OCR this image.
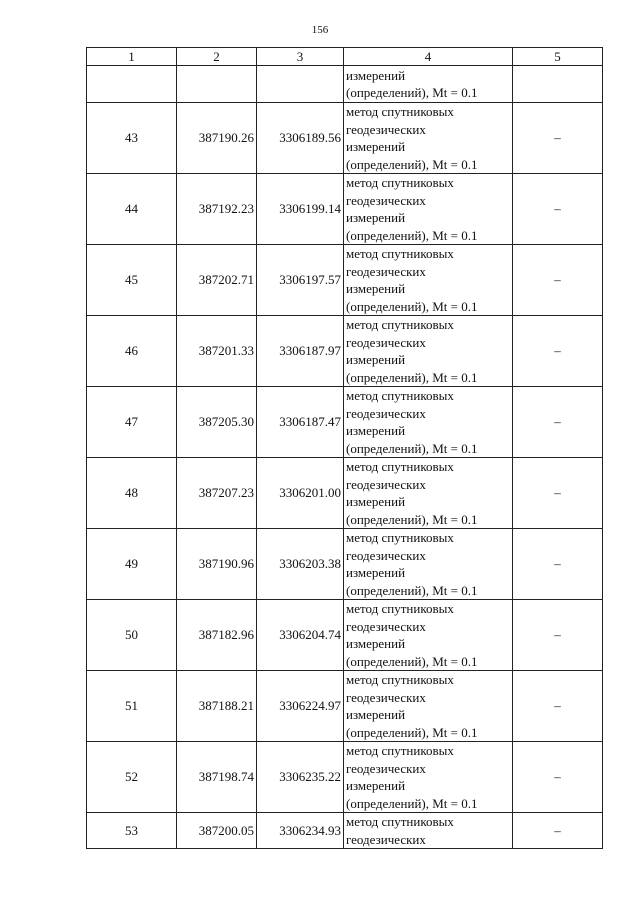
156
1	2	3	4	5

			измерений
(определений), Mt = 0.1	

43	387190.26	3306189.56	метод спутниковых
геодезических
измерений
(определений), Mt = 0.1	–
44	387192.23	3306199.14	метод спутниковых
геодезических
измерений
(определений), Mt = 0.1	–
45	387202.71	3306197.57	метод спутниковых
геодезических
измерений
(определений), Mt = 0.1	–
46	387201.33	3306187.97	метод спутниковых
геодезических
измерений
(определений), Mt = 0.1	–
47	387205.30	3306187.47	метод спутниковых
геодезических
измерений
(определений), Mt = 0.1	–
48	387207.23	3306201.00	метод спутниковых
геодезических
измерений
(определений), Mt = 0.1	–
49	387190.96	3306203.38	метод спутниковых
геодезических
измерений
(определений), Mt = 0.1	–
50	387182.96	3306204.74	метод спутниковых
геодезических
измерений
(определений), Mt = 0.1	–
51	387188.21	3306224.97	метод спутниковых
геодезических
измерений
(определений), Mt = 0.1	–
52	387198.74	3306235.22	метод спутниковых
геодезических
измерений
(определений), Mt = 0.1	–
53	387200.05	3306234.93	метод спутниковых
геодезических	–
